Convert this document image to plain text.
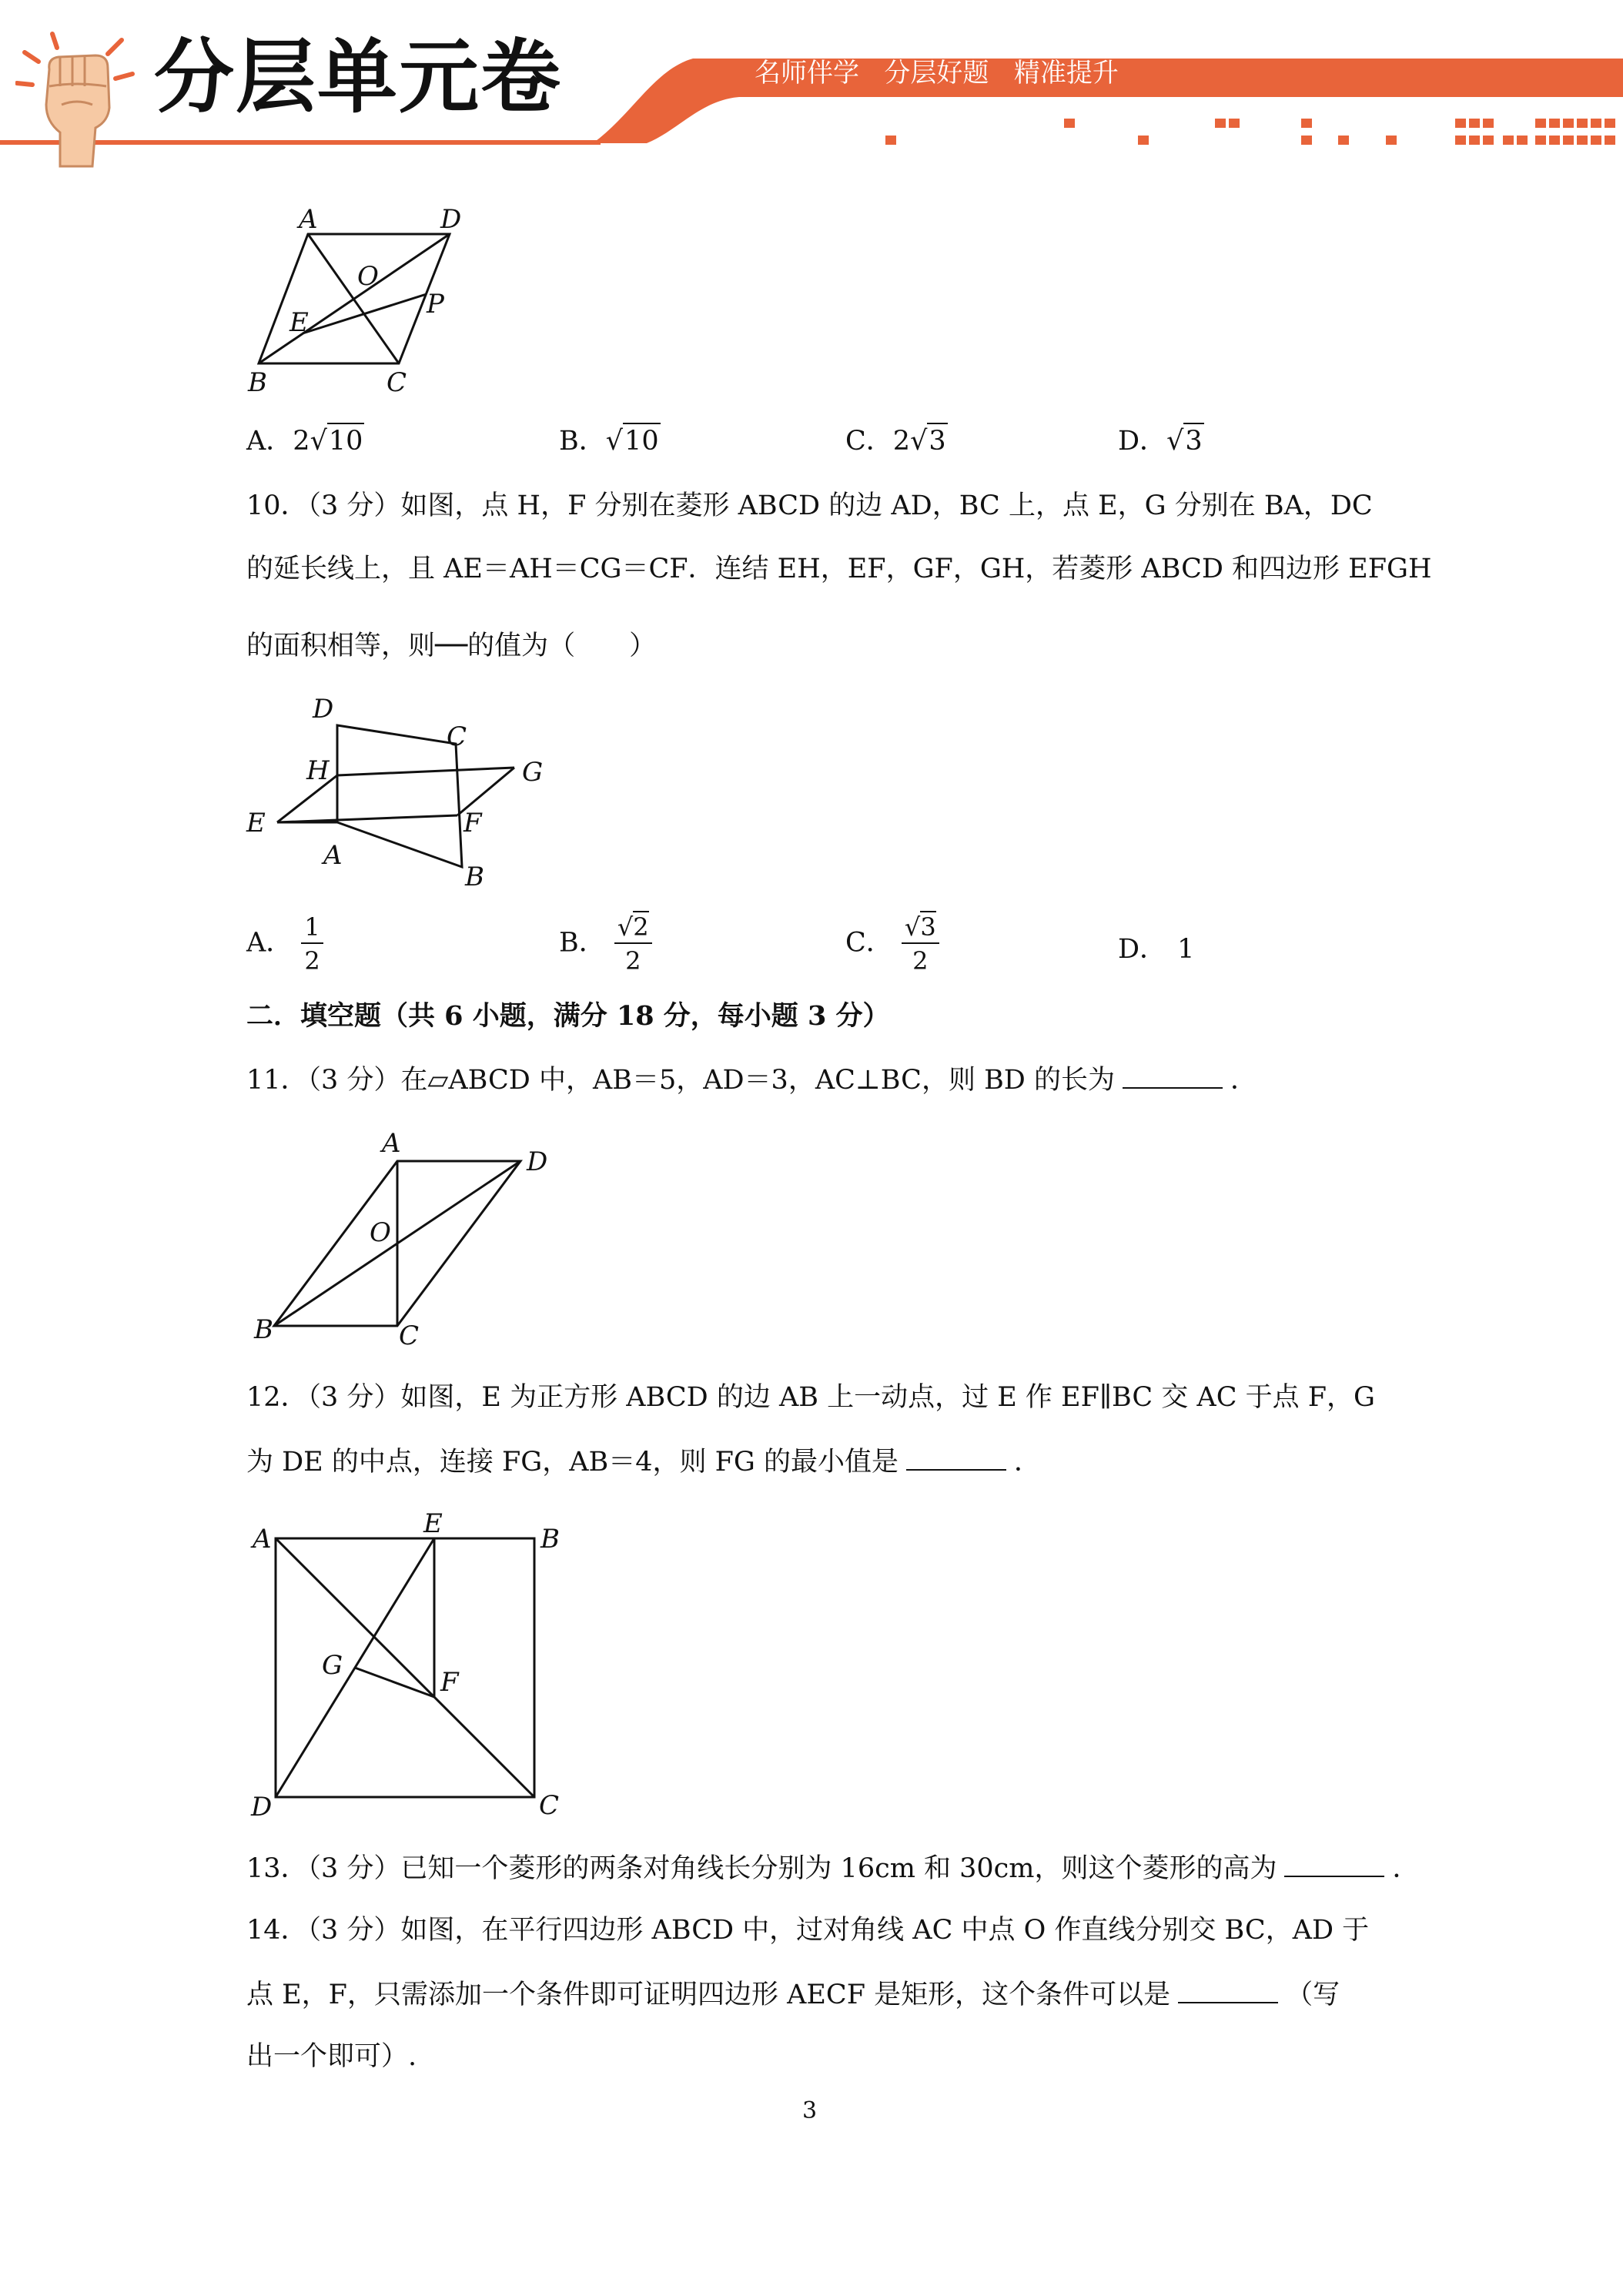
分层单元卷	名师伴学   分层好题   精准提升
A	D
O
E
P
B	C
A．2√10	B．√10	C．2√3	D．√3
10．（3 分）如图，点 H，F 分别在菱形 ABCD 的边 AD，BC 上，点 E，G 分别在 BA，DC
的延长线上，且 AE＝AH＝CG＝CF．连结 EH，EF，GF，GH，若菱形 ABCD 和四边形 EFGH
的面积相等，则──的值为（　　）
D
C
H	G
E	F
A
B
A． $\frac{1}{2}$	B． $\frac{√2}{2}$	C． $\frac{√3}{2}$	D． 1
二．填空题（共 6 小题，满分 18 分，每小题 3 分）
11．（3 分）在▱ABCD 中，AB＝5，AD＝3，AC⊥BC，则 BD 的长为	．
A
D
O
B	C
12．（3 分）如图，E 为正方形 ABCD 的边 AB 上一动点，过 E 作 EF∥BC 交 AC 于点 F，G
为 DE 的中点，连接 FG，AB＝4，则 FG 的最小值是	．
A	E	B
G
F
D	C
13．（3 分）已知一个菱形的两条对角线长分别为 16cm 和 30cm，则这个菱形的高为	．
14．（3 分）如图，在平行四边形 ABCD 中，过对角线 AC 中点 O 作直线分别交 BC，AD 于
点 E，F，只需添加一个条件即可证明四边形 AECF 是矩形，这个条件可以是	（写
出一个即可）.
3
